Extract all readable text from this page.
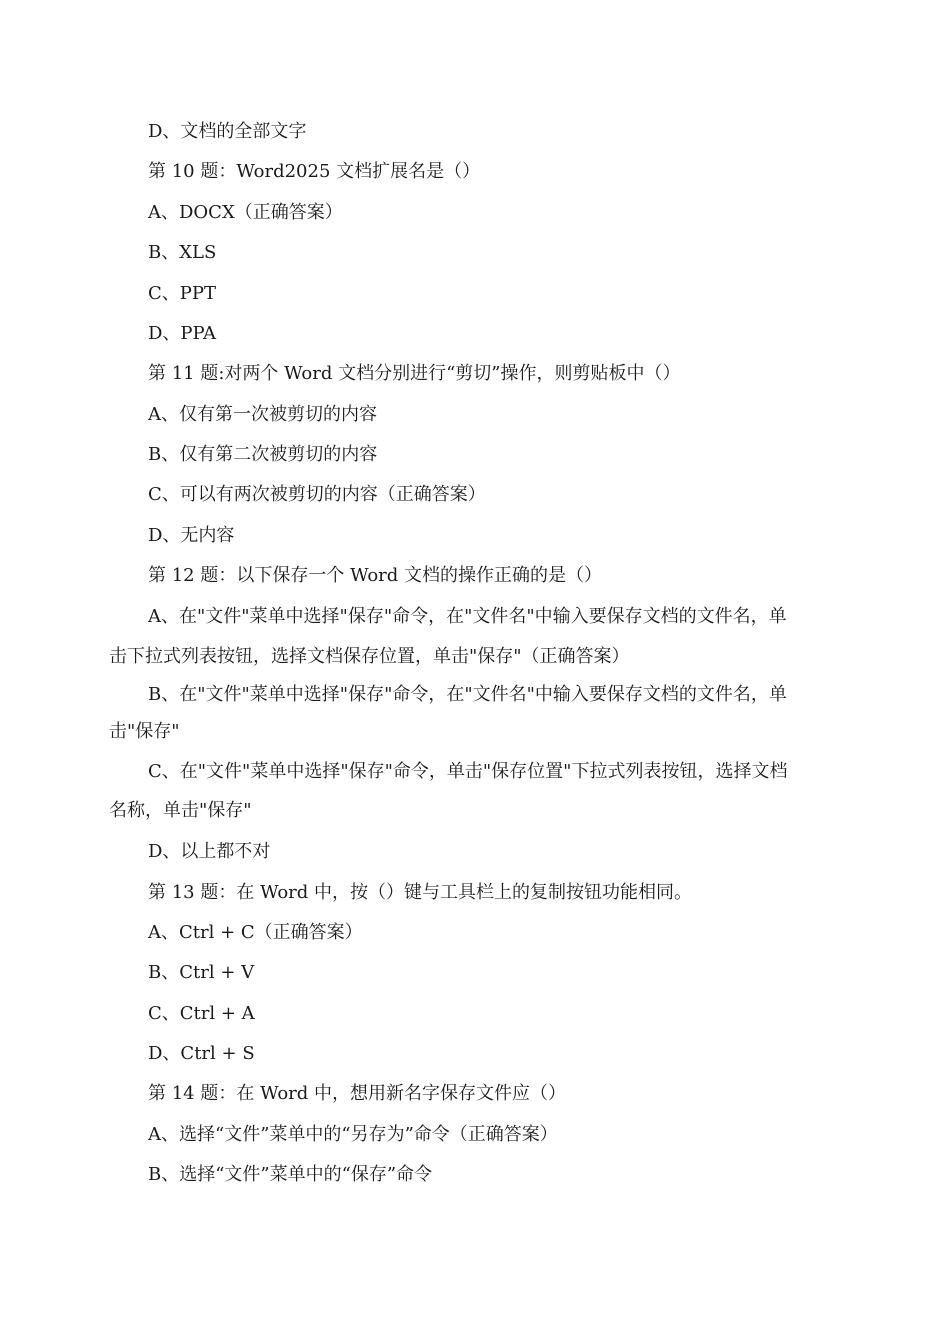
D、文档的全部文字
第 10 题：Word2025 文档扩展名是（）
A、DOCX（正确答案）
B、XLS
C、PPT
D、PPA
第 11 题:对两个 Word 文档分别进行“剪切”操作，则剪贴板中（）
A、仅有第一次被剪切的内容
B、仅有第二次被剪切的内容
C、可以有两次被剪切的内容（正确答案）
D、无内容
第 12 题：以下保存一个 Word 文档的操作正确的是（）
A、在"文件"菜单中选择"保存"命令，在"文件名"中输入要保存文档的文件名，单
击下拉式列表按钮，选择文档保存位置，单击"保存"（正确答案）
B、在"文件"菜单中选择"保存"命令，在"文件名"中输入要保存文档的文件名，单
击"保存"
C、在"文件"菜单中选择"保存"命令，单击"保存位置"下拉式列表按钮，选择文档
名称，单击"保存"
D、以上都不对
第 13 题：在 Word 中，按（）键与工具栏上的复制按钮功能相同。
A、Ctrl + C（正确答案）
B、Ctrl + V
C、Ctrl + A
D、Ctrl + S
第 14 题：在 Word 中，想用新名字保存文件应（）
A、选择“文件”菜单中的“另存为”命令（正确答案）
B、选择“文件”菜单中的“保存”命令
